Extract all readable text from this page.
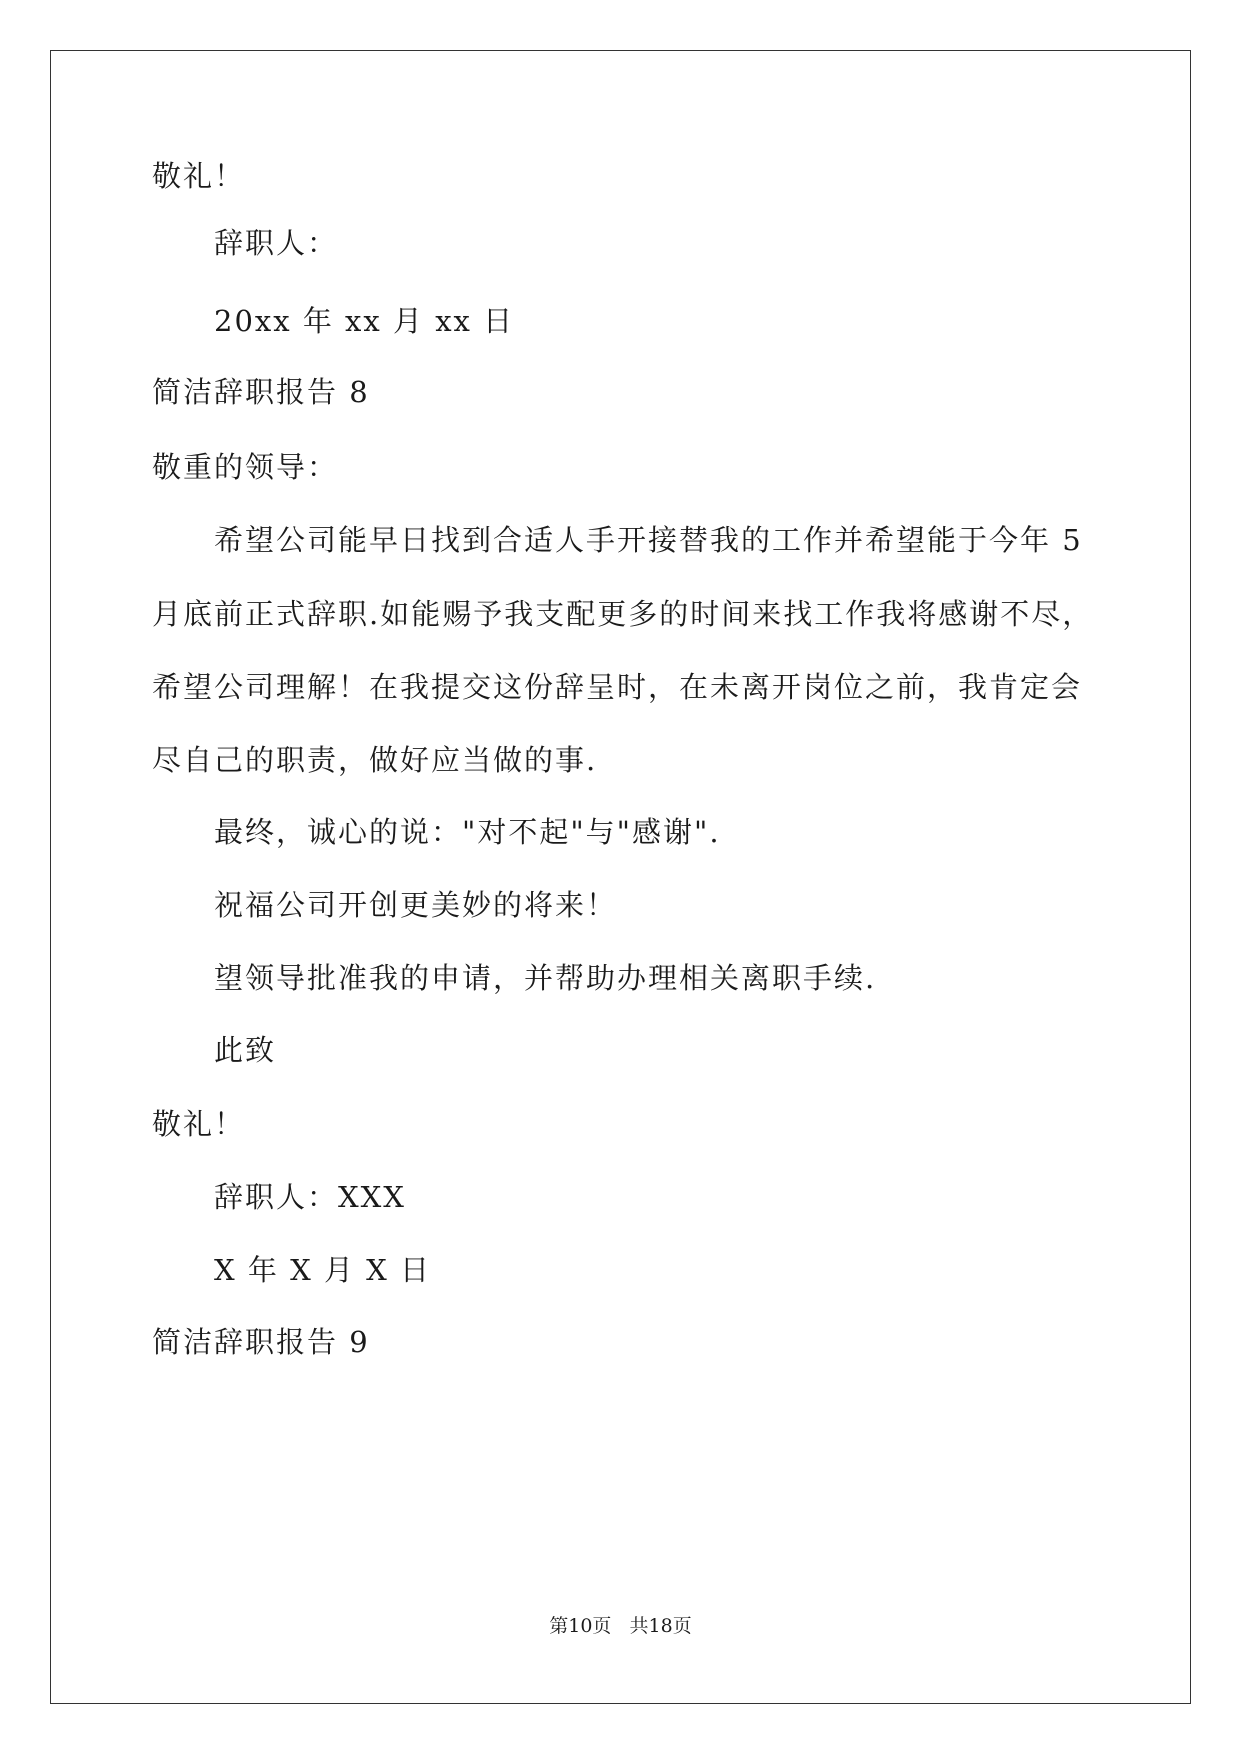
敬礼！
辞职人：
20xx 年 xx 月 xx 日
简洁辞职报告 8
敬重的领导：
希望公司能早日找到合适人手开接替我的工作并希望能于今年 5
月底前正式辞职.如能赐予我支配更多的时间来找工作我将感谢不尽，
希望公司理解！在我提交这份辞呈时，在未离开岗位之前，我肯定会
尽自己的职责，做好应当做的事.
最终，诚心的说："对不起"与"感谢".
祝福公司开创更美妙的将来！
望领导批准我的申请，并帮助办理相关离职手续.
此致
敬礼！
辞职人：XXX
X 年 X 月 X 日
简洁辞职报告 9
第10页   共18页
